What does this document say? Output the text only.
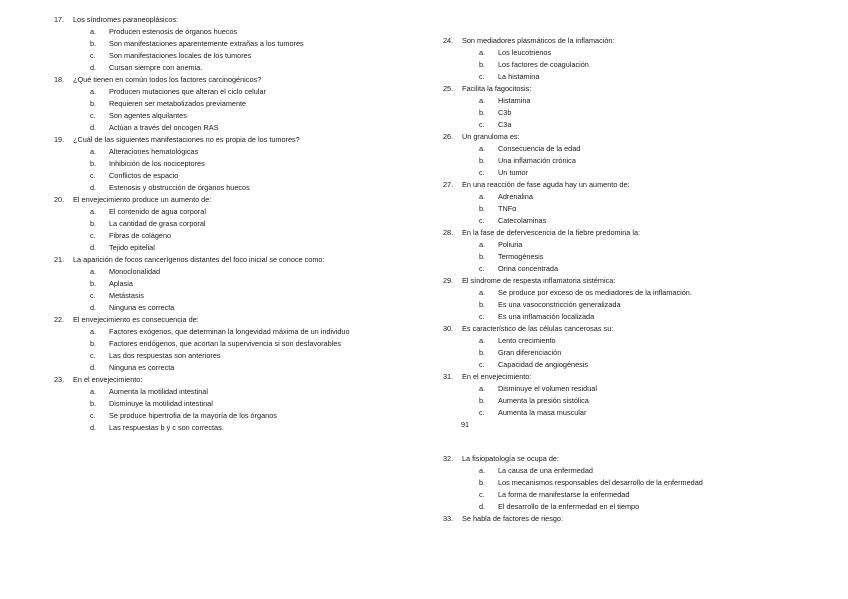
17.	Los síndromes paraneoplásicos:
a.	Producen estenosis de órganos huecos
b.	Son manifestaciones aparentemente extrañas a los tumores
c.	Son manifestaciones locales de los tumores
d.	Cursan siempre con anemia.
18.	¿Qué tienen en común todos los factores carcinogénicos?
a.	Producen mutaciones que alteran el ciclo celular
b.	Requieren ser metabolizados previamente
c.	Son agentes alquilantes
d.	Actúan a través del oncogen RAS
19.	¿Cuál de las siguientes manifestaciones no es propia de los tumores?
a.	Alteraciones hematológicas
b.	Inhibición de los nociceptores
c.	Conflictos de espacio
d.	Estenosis y obstrucción de órganos huecos
20.	El envejecimiento produce un aumento de:
a.	El contenido de agua corporal
b.	La cantidad de grasa corporal
c.	Fibras de colágeno
d.	Tejido epitelial
21.	La aparición de focos cancerígenos distantes del foco inicial se conoce como:
a.	Monoclonalidad
b.	Aplasia
c.	Metástasis
d.	Ninguna es correcta
22.	El envejecimiento es consecuencia de:
a.	Factores exógenos, que determinan la longevidad máxima de un individuo
b.	Factores endógenos, que acortan la supervivencia si son desfavorables
c.	Las dos respuestas son anteriores
d.	Ninguna es correcta
23.	En el envejecimiento:
a.	Aumenta la motilidad intestinal
b.	Disminuye la motilidad intestinal
c.	Se produce hipertrofia de la mayoría de los órganos
d.	Las respuestas b y c son correctas.
24.	Son mediadores plasmáticos de la inflamación:
a.	Los leucotrienos
b.	Los factores de coagulación
c.	La histamina
25.	Facilita la fagocitosis:
a.	Histamina
b.	C3b
c.	C3a
26.	Un granuloma es:
a.	Consecuencia de la edad
b.	Una inflamación crónica
c.	Un tumor
27.	En una reacción de fase aguda hay un aumento de:
a.	Adrenalina
b.	TNFα
c.	Catecolaminas
28.	En la fase de defervescencia de la fiebre predomina la:
a.	Poliuria
b.	Termogénesis
c.	Orina concentrada
29.	El síndrome de respesta inflamatoria sistémica:
a.	Se produce por exceso de os mediadores de la inflamación.
b.	Es una vasoconstricción generalizada
c.	Es una inflamación localizada
30.	Es característico de las células cancerosas su:
a.	Lento crecimiento
b.	Gran diferenciación
c.	Capacidad de angiogénesis
31.	En el envejecimiento:
a.	Disminuye el volumen residual
b.	Aumenta la presión sistólica
c.	Aumenta la masa muscular
91
32.	La fisiopatología se ocupa de:
a.	La causa de una enfermedad
b.	Los mecanismos responsables del desarrollo de la enfermedad
c.	La forma de manifestarse la enfermedad
d.	El desarrollo de la enfermedad en el tiempo
33.	Se habla de factores de riesgo:
